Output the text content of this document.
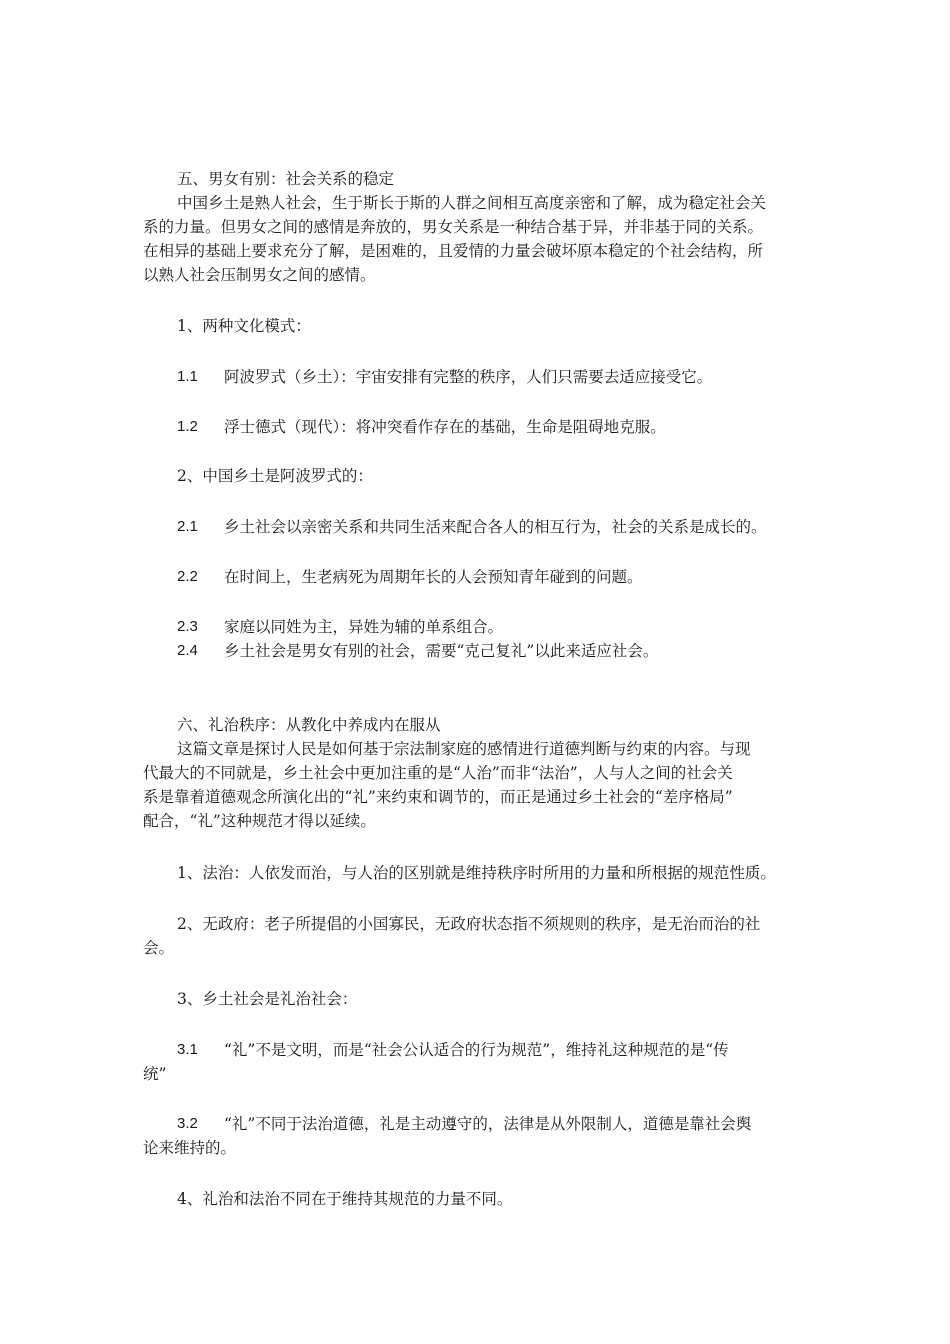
五、男女有别：社会关系的稳定

中国乡土是熟人社会，生于斯长于斯的人群之间相互高度亲密和了解，成为稳定社会关

系的力量。但男女之间的感情是奔放的，男女关系是一种结合基于异，并非基于同的关系。

在相异的基础上要求充分了解，是困难的，且爱情的力量会破坏原本稳定的个社会结构，所

以熟人社会压制男女之间的感情。

1、两种文化模式：

1.1 阿波罗式（乡土）：宇宙安排有完整的秩序，人们只需要去适应接受它。
1.2 浮士德式（现代）：将冲突看作存在的基础，生命是阻碍地克服。

2、中国乡土是阿波罗式的：

2.1 乡土社会以亲密关系和共同生活来配合各人的相互行为，社会的关系是成长的。
2.2 在时间上，生老病死为周期年长的人会预知青年碰到的问题。
2.3 家庭以同姓为主，异姓为辅的单系组合。
2.4 乡土社会是男女有别的社会，需要“克己复礼”以此来适应社会。

六、礼治秩序：从教化中养成内在服从

这篇文章是探讨人民是如何基于宗法制家庭的感情进行道德判断与约束的内容。与现

代最大的不同就是，乡土社会中更加注重的是“人治”而非“法治”，人与人之间的社会关

系是靠着道德观念所演化出的“礼”来约束和调节的，而正是通过乡土社会的“差序格局”

配合，“礼”这种规范才得以延续。

1、法治：人依发而治，与人治的区别就是维持秩序时所用的力量和所根据的规范性质。

2、无政府：老子所提倡的小国寡民，无政府状态指不须规则的秩序，是无治而治的社

会。

3、乡土社会是礼治社会：

3.1 “礼”不是文明，而是“社会公认适合的行为规范”，维持礼这种规范的是“传

统”

3.2 “礼”不同于法治道德，礼是主动遵守的，法律是从外限制人，道德是靠社会舆

论来维持的。

4、礼治和法治不同在于维持其规范的力量不同。
